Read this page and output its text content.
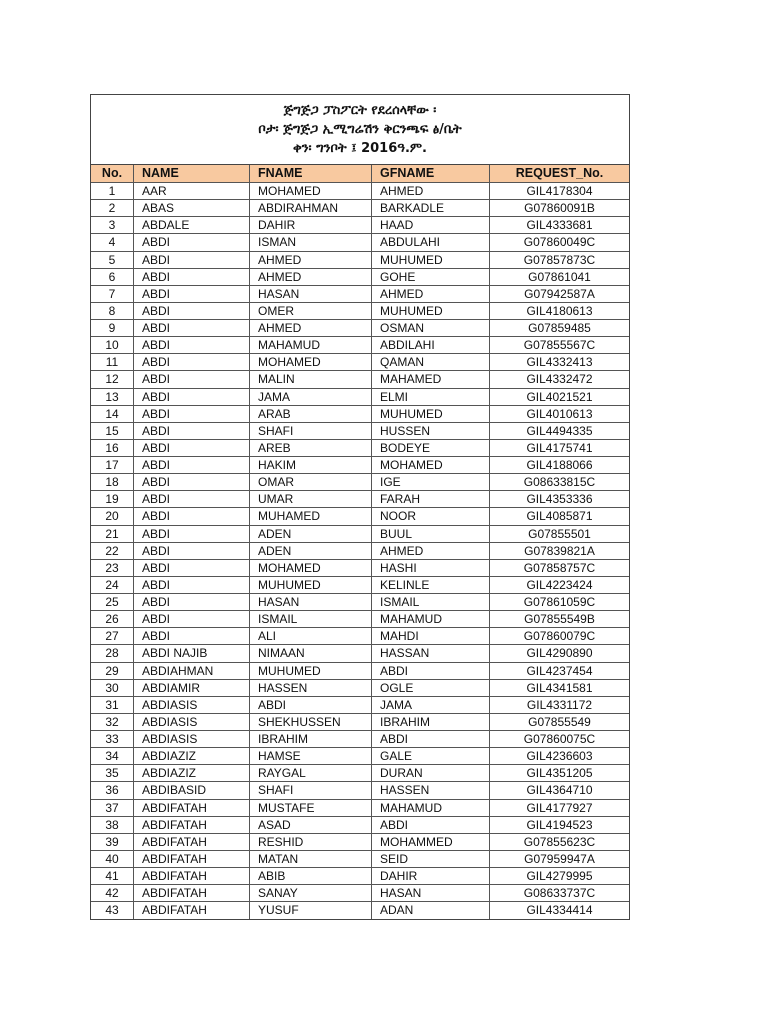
ጅግጅጋ ፓስፖርት የደረሰላቸው ፡
ቦታ፡ ጅግጅጋ ኢሚግሬሽን ቅርንጫፍ ፅ/ቤት
ቀን፡ ግንቦት ፤ 2016ዓ.ም.
No.	NAME	FNAME	GFNAME	REQUEST_No.
1	AAR	MOHAMED	AHMED	GIL4178304
2	ABAS	ABDIRAHMAN	BARKADLE	G07860091B
3	ABDALE	DAHIR	HAAD	GIL4333681
4	ABDI	ISMAN	ABDULAHI	G07860049C
5	ABDI	AHMED	MUHUMED	G07857873C
6	ABDI	AHMED	GOHE	G07861041
7	ABDI	HASAN	AHMED	G07942587A
8	ABDI	OMER	MUHUMED	GIL4180613
9	ABDI	AHMED	OSMAN	G07859485
10	ABDI	MAHAMUD	ABDILAHI	G07855567C
11	ABDI	MOHAMED	QAMAN	GIL4332413
12	ABDI	MALIN	MAHAMED	GIL4332472
13	ABDI	JAMA	ELMI	GIL4021521
14	ABDI	ARAB	MUHUMED	GIL4010613
15	ABDI	SHAFI	HUSSEN	GIL4494335
16	ABDI	AREB	BODEYE	GIL4175741
17	ABDI	HAKIM	MOHAMED	GIL4188066
18	ABDI	OMAR	IGE	G08633815C
19	ABDI	UMAR	FARAH	GIL4353336
20	ABDI	MUHAMED	NOOR	GIL4085871
21	ABDI	ADEN	BUUL	G07855501
22	ABDI	ADEN	AHMED	G07839821A
23	ABDI	MOHAMED	HASHI	G07858757C
24	ABDI	MUHUMED	KELINLE	GIL4223424
25	ABDI	HASAN	ISMAIL	G07861059C
26	ABDI	ISMAIL	MAHAMUD	G07855549B
27	ABDI	ALI	MAHDI	G07860079C
28	ABDI NAJIB	NIMAAN	HASSAN	GIL4290890
29	ABDIAHMAN	MUHUMED	ABDI	GIL4237454
30	ABDIAMIR	HASSEN	OGLE	GIL4341581
31	ABDIASIS	ABDI	JAMA	GIL4331172
32	ABDIASIS	SHEKHUSSEN	IBRAHIM	G07855549
33	ABDIASIS	IBRAHIM	ABDI	G07860075C
34	ABDIAZIZ	HAMSE	GALE	GIL4236603
35	ABDIAZIZ	RAYGAL	DURAN	GIL4351205
36	ABDIBASID	SHAFI	HASSEN	GIL4364710
37	ABDIFATAH	MUSTAFE	MAHAMUD	GIL4177927
38	ABDIFATAH	ASAD	ABDI	GIL4194523
39	ABDIFATAH	RESHID	MOHAMMED	G07855623C
40	ABDIFATAH	MATAN	SEID	G07959947A
41	ABDIFATAH	ABIB	DAHIR	GIL4279995
42	ABDIFATAH	SANAY	HASAN	G08633737C
43	ABDIFATAH	YUSUF	ADAN	GIL4334414
